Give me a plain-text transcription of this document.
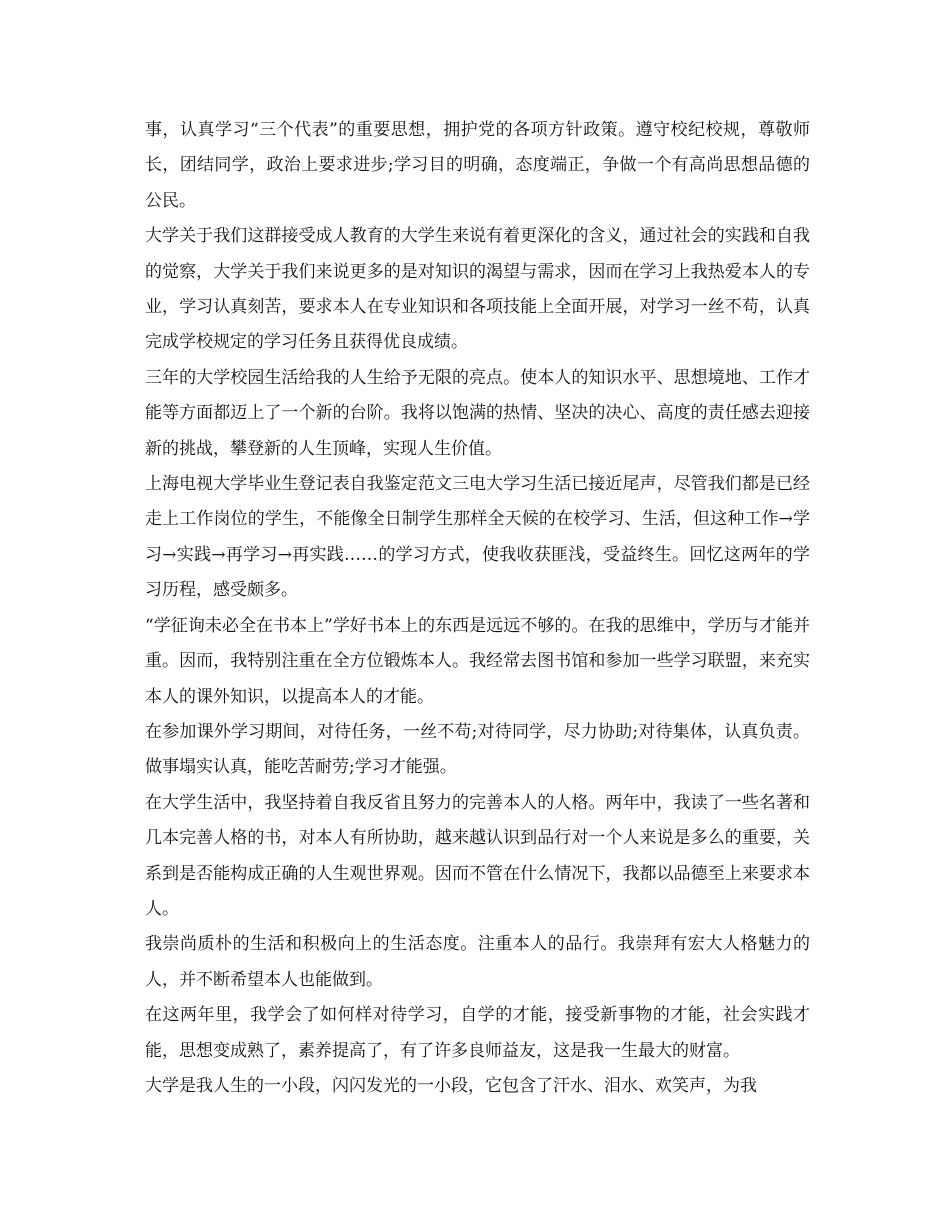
事，认真学习“三个代表”的重要思想，拥护党的各项方针政策。遵守校纪校规，尊敬师长，团结同学，政治上要求进步;学习目的明确，态度端正，争做一个有高尚思想品德的公民。

大学关于我们这群接受成人教育的大学生来说有着更深化的含义，通过社会的实践和自我的觉察，大学关于我们来说更多的是对知识的渴望与需求，因而在学习上我热爱本人的专业，学习认真刻苦，要求本人在专业知识和各项技能上全面开展，对学习一丝不苟，认真完成学校规定的学习任务且获得优良成绩。

三年的大学校园生活给我的人生给予无限的亮点。使本人的知识水平、思想境地、工作才能等方面都迈上了一个新的台阶。我将以饱满的热情、坚决的决心、高度的责任感去迎接新的挑战，攀登新的人生顶峰，实现人生价值。

上海电视大学毕业生登记表自我鉴定范文三电大学习生活已接近尾声，尽管我们都是已经走上工作岗位的学生，不能像全日制学生那样全天候的在校学习、生活，但这种工作→学习→实践→再学习→再实践……的学习方式，使我收获匪浅，受益终生。回忆这两年的学习历程，感受颇多。

“学征询未必全在书本上”学好书本上的东西是远远不够的。在我的思维中，学历与才能并重。因而，我特别注重在全方位锻炼本人。我经常去图书馆和参加一些学习联盟，来充实本人的课外知识，以提高本人的才能。

在参加课外学习期间，对待任务，一丝不苟;对待同学，尽力协助;对待集体，认真负责。做事塌实认真，能吃苦耐劳;学习才能强。

在大学生活中，我坚持着自我反省且努力的完善本人的人格。两年中，我读了一些名著和几本完善人格的书，对本人有所协助，越来越认识到品行对一个人来说是多么的重要，关系到是否能构成正确的人生观世界观。因而不管在什么情况下，我都以品德至上来要求本人。

我崇尚质朴的生活和积极向上的生活态度。注重本人的品行。我崇拜有宏大人格魅力的人，并不断希望本人也能做到。

在这两年里，我学会了如何样对待学习，自学的才能，接受新事物的才能，社会实践才能，思想变成熟了，素养提高了，有了许多良师益友，这是我一生最大的财富。

大学是我人生的一小段，闪闪发光的一小段，它包含了汗水、泪水、欢笑声，为我
